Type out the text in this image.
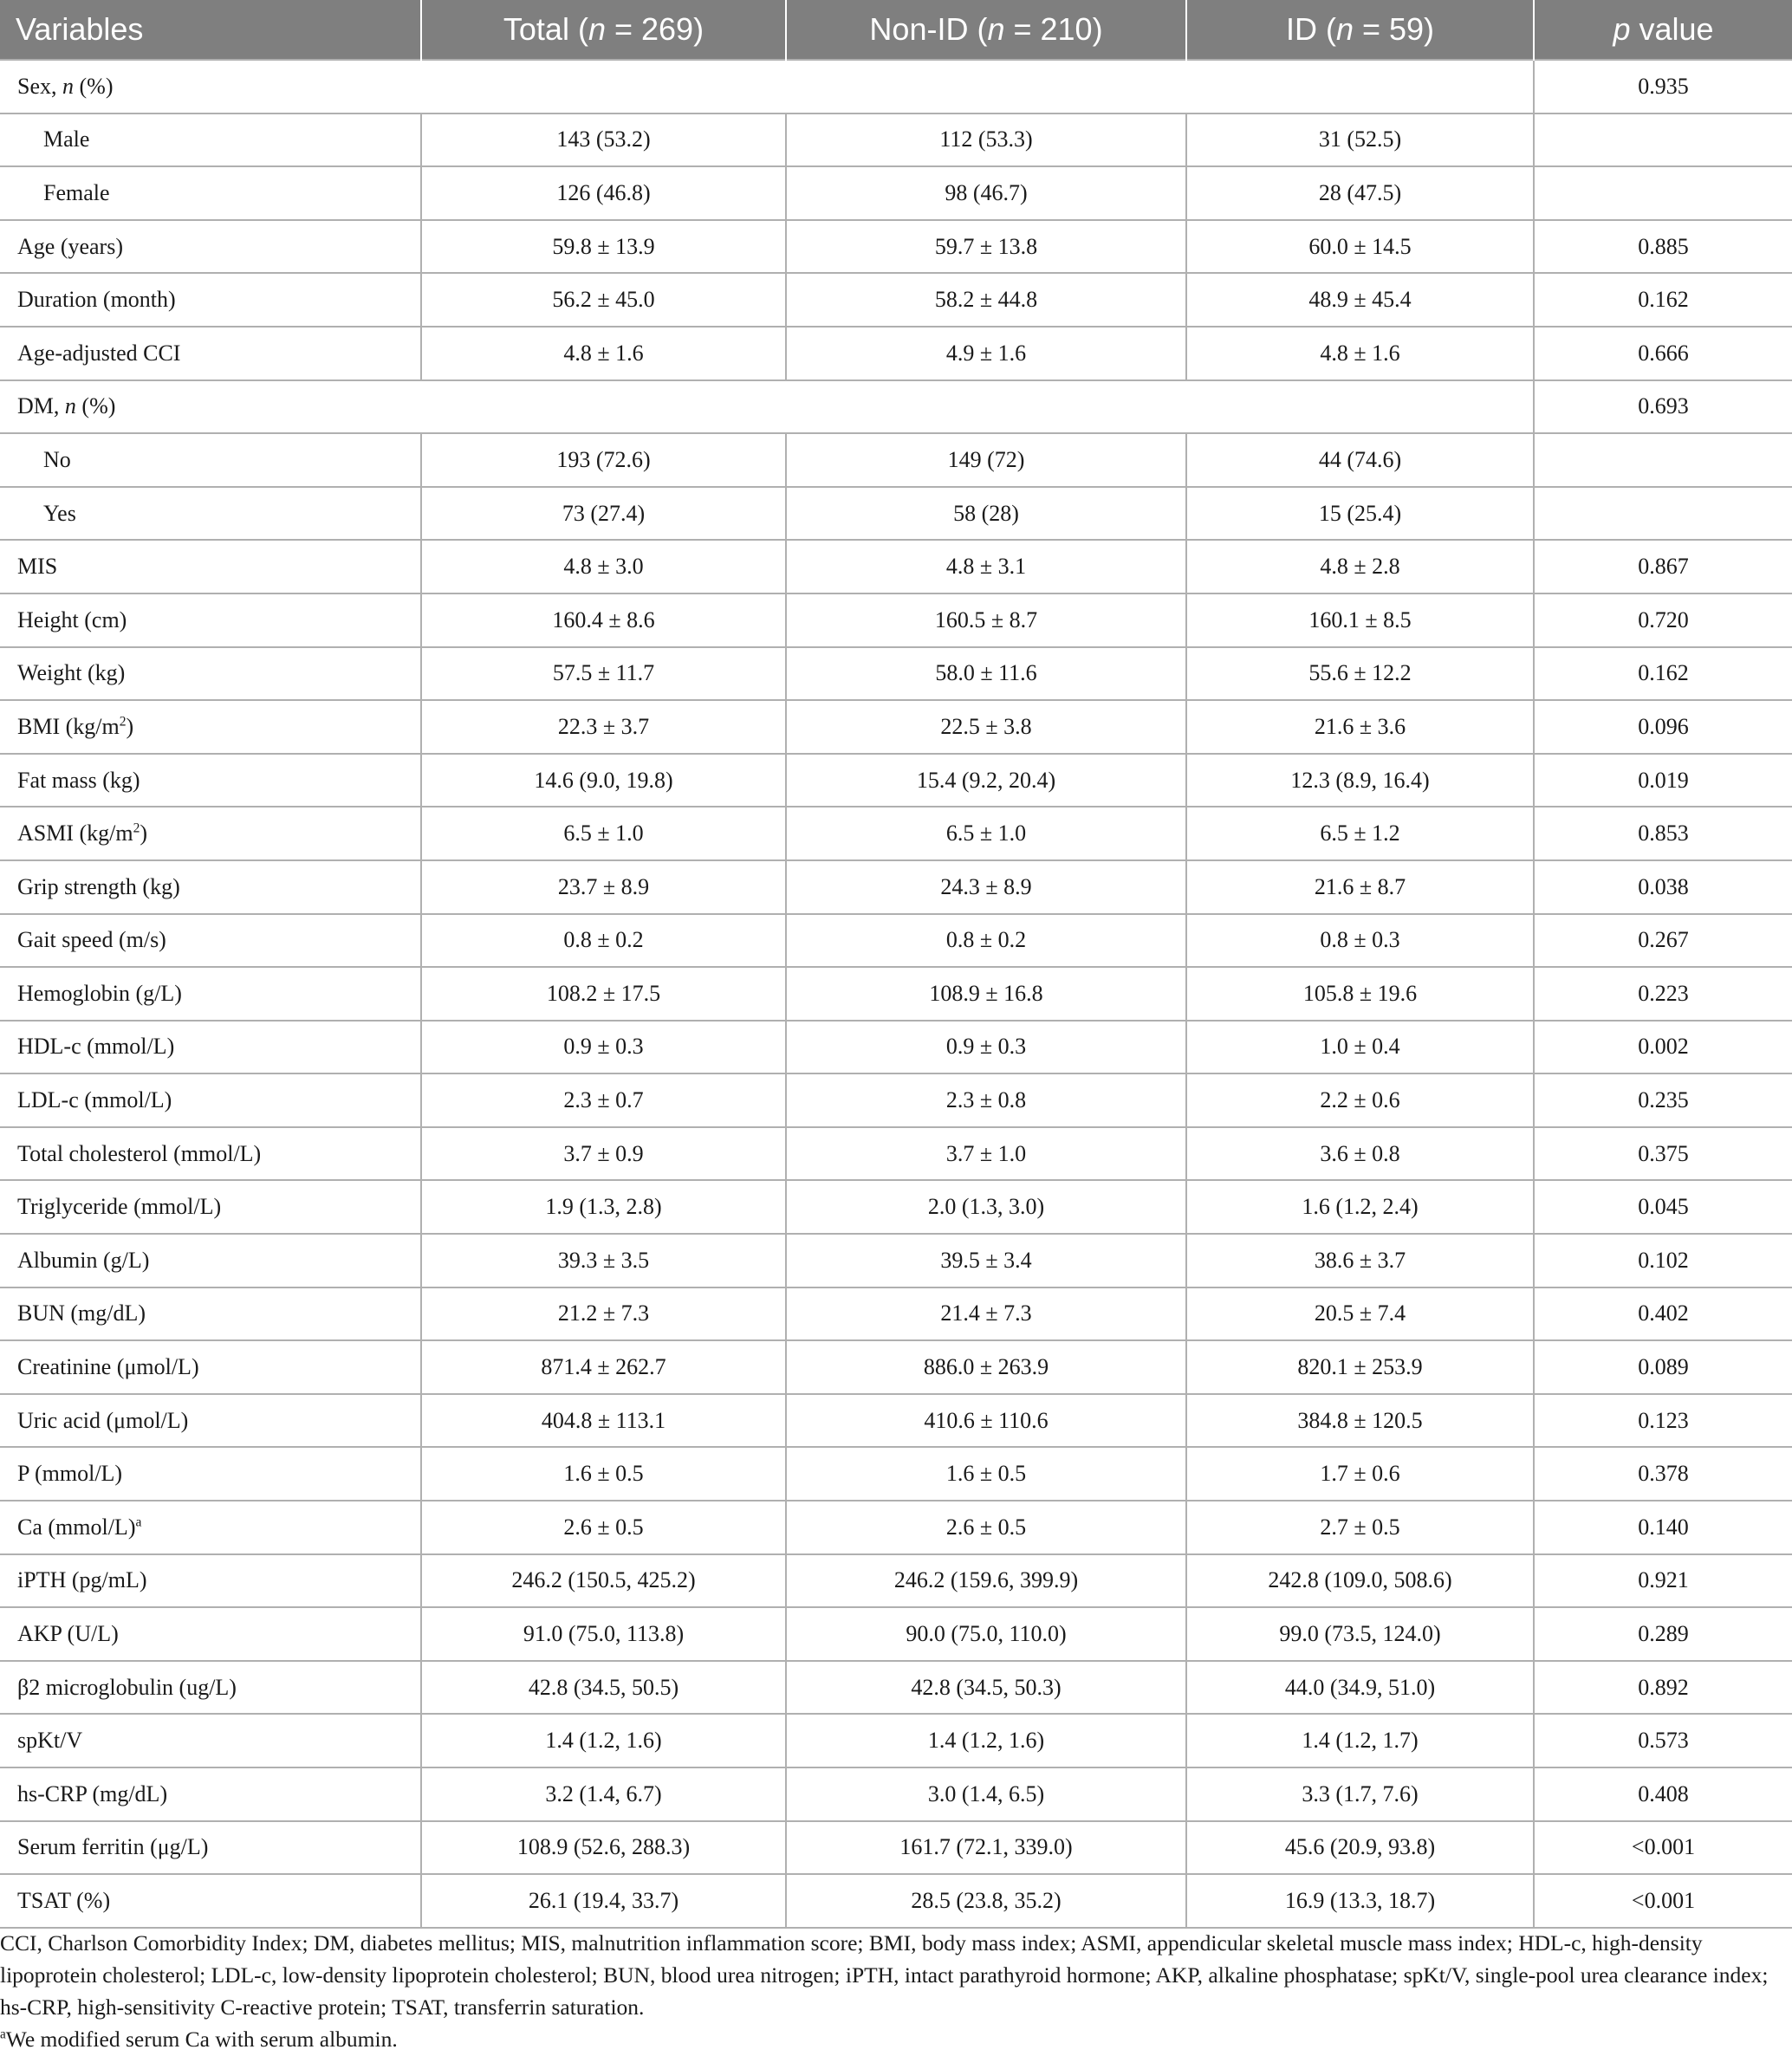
Variables	Total (n = 269)	Non-ID (n = 210)	ID (n = 59)	p value
Sex, n (%)				0.935
Male	143 (53.2)	112 (53.3)	31 (52.5)	
Female	126 (46.8)	98 (46.7)	28 (47.5)	
Age (years)	59.8 ± 13.9	59.7 ± 13.8	60.0 ± 14.5	0.885
Duration (month)	56.2 ± 45.0	58.2 ± 44.8	48.9 ± 45.4	0.162
Age-adjusted CCI	4.8 ± 1.6	4.9 ± 1.6	4.8 ± 1.6	0.666
DM, n (%)				0.693
No	193 (72.6)	149 (72)	44 (74.6)	
Yes	73 (27.4)	58 (28)	15 (25.4)	
MIS	4.8 ± 3.0	4.8 ± 3.1	4.8 ± 2.8	0.867
Height (cm)	160.4 ± 8.6	160.5 ± 8.7	160.1 ± 8.5	0.720
Weight (kg)	57.5 ± 11.7	58.0 ± 11.6	55.6 ± 12.2	0.162
BMI $(kg/m^2)$	22.3 ± 3.7	22.5 ± 3.8	21.6 ± 3.6	0.096
Fat mass (kg)	14.6 (9.0, 19.8)	15.4 (9.2, 20.4)	12.3 (8.9, 16.4)	0.019
ASMI $(kg/m^2)$	6.5 ± 1.0	6.5 ± 1.0	6.5 ± 1.2	0.853
Grip strength (kg)	23.7 ± 8.9	24.3 ± 8.9	21.6 ± 8.7	0.038
Gait speed (m/s)	0.8 ± 0.2	0.8 ± 0.2	0.8 ± 0.3	0.267
Hemoglobin (g/L)	108.2 ± 17.5	108.9 ± 16.8	105.8 ± 19.6	0.223
HDL-c (mmol/L)	0.9 ± 0.3	0.9 ± 0.3	1.0 ± 0.4	0.002
LDL-c (mmol/L)	2.3 ± 0.7	2.3 ± 0.8	2.2 ± 0.6	0.235
Total cholesterol (mmol/L)	3.7 ± 0.9	3.7 ± 1.0	3.6 ± 0.8	0.375
Triglyceride (mmol/L)	1.9 (1.3, 2.8)	2.0 (1.3, 3.0)	1.6 (1.2, 2.4)	0.045
Albumin (g/L)	39.3 ± 3.5	39.5 ± 3.4	38.6 ± 3.7	0.102
BUN (mg/dL)	21.2 ± 7.3	21.4 ± 7.3	20.5 ± 7.4	0.402
Creatinine (μmol/L)	871.4 ± 262.7	886.0 ± 263.9	820.1 ± 253.9	0.089
Uric acid (μmol/L)	404.8 ± 113.1	410.6 ± 110.6	384.8 ± 120.5	0.123
P (mmol/L)	1.6 ± 0.5	1.6 ± 0.5	1.7 ± 0.6	0.378
Ca (mmol/L)$^a$	2.6 ± 0.5	2.6 ± 0.5	2.7 ± 0.5	0.140
iPTH (pg/mL)	246.2 (150.5, 425.2)	246.2 (159.6, 399.9)	242.8 (109.0, 508.6)	0.921
AKP (U/L)	91.0 (75.0, 113.8)	90.0 (75.0, 110.0)	99.0 (73.5, 124.0)	0.289
β2 microglobulin (ug/L)	42.8 (34.5, 50.5)	42.8 (34.5, 50.3)	44.0 (34.9, 51.0)	0.892
spKt/V	1.4 (1.2, 1.6)	1.4 (1.2, 1.6)	1.4 (1.2, 1.7)	0.573
hs-CRP (mg/dL)	3.2 (1.4, 6.7)	3.0 (1.4, 6.5)	3.3 (1.7, 7.6)	0.408
Serum ferritin (μg/L)	108.9 (52.6, 288.3)	161.7 (72.1, 339.0)	45.6 (20.9, 93.8)	<0.001
TSAT (%)	26.1 (19.4, 33.7)	28.5 (23.8, 35.2)	16.9 (13.3, 18.7)	<0.001

CCI, Charlson Comorbidity Index; DM, diabetes mellitus; MIS, malnutrition inflammation score; BMI, body mass index; ASMI, appendicular skeletal muscle mass index; HDL-c, high-density lipoprotein cholesterol; LDL-c, low-density lipoprotein cholesterol; BUN, blood urea nitrogen; iPTH, intact parathyroid hormone; AKP, alkaline phosphatase; spKt/V, single-pool urea clearance index; hs-CRP, high-sensitivity C-reactive protein; TSAT, transferrin saturation.

$^a$We modified serum Ca with serum albumin.
